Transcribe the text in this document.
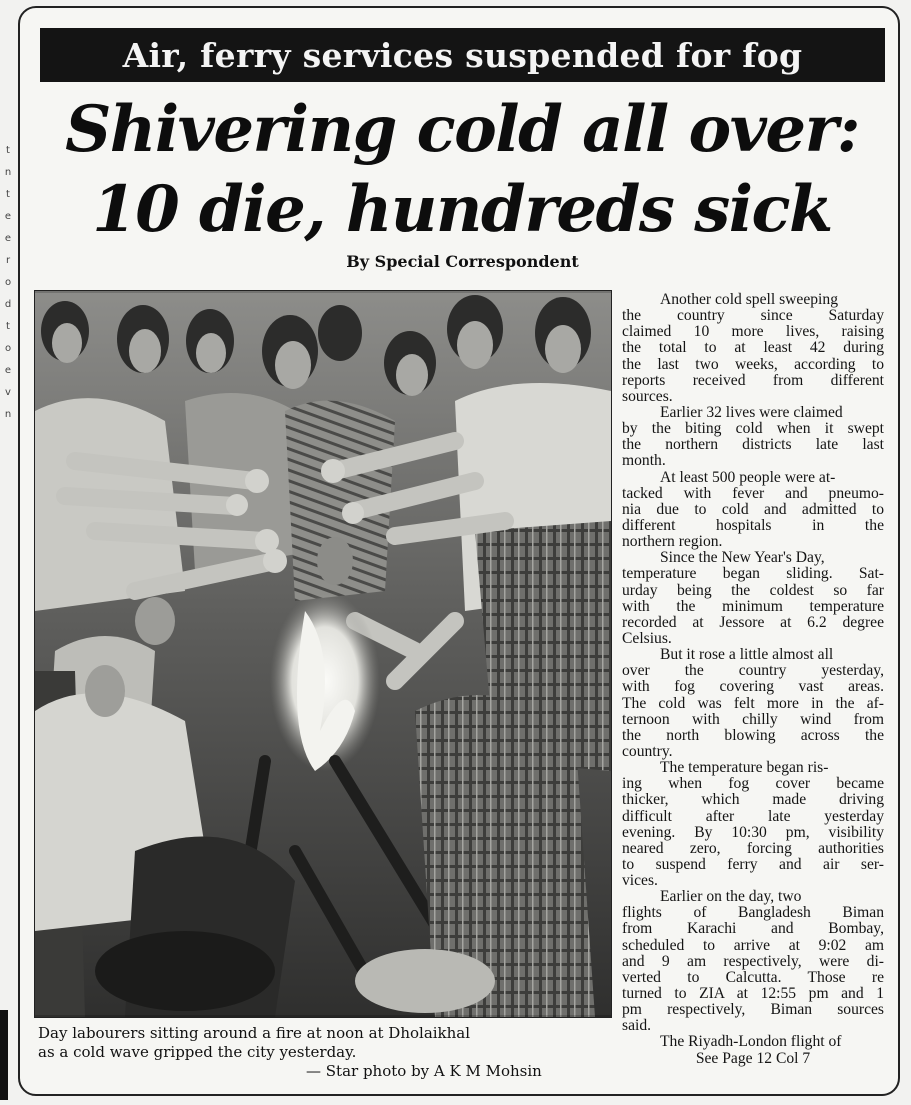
t
n
t
e
e
r
o
d
t
o
e
v
n
Air, ferry services suspended for fog
Shivering cold all over:
10 die, hundreds sick
By Special Correspondent
Day labourers sitting around a fire at noon at Dholaikhal
as a cold wave gripped the city yesterday.
— Star photo by A K M Mohsin
Another cold spell sweeping
the country since Saturday
claimed 10 more lives, raising
the total to at least 42 during
the last two weeks, according to
reports received from different
sources.
Earlier 32 lives were claimed
by the biting cold when it swept
the northern districts late last
month.
At least 500 people were at-
tacked with fever and pneumo-
nia due to cold and admitted to
different hospitals in the
northern region.
Since the New Year's Day,
temperature began sliding. Sat-
urday being the coldest so far
with the minimum temperature
recorded at Jessore at 6.2 degree
Celsius.
But it rose a little almost all
over the country yesterday,
with fog covering vast areas.
The cold was felt more in the af-
ternoon with chilly wind from
the north blowing across the
country.
The temperature began ris-
ing when fog cover became
thicker, which made driving
difficult after late yesterday
evening. By 10:30 pm, visibility
neared zero, forcing authorities
to suspend ferry and air ser-
vices.
Earlier on the day, two
flights of Bangladesh Biman
from Karachi and Bombay,
scheduled to arrive at 9:02 am
and 9 am respectively, were di-
verted to Calcutta. Those re
turned to ZIA at 12:55 pm and 1
pm respectively, Biman sources
said.
The Riyadh-London flight of
See Page 12 Col 7
